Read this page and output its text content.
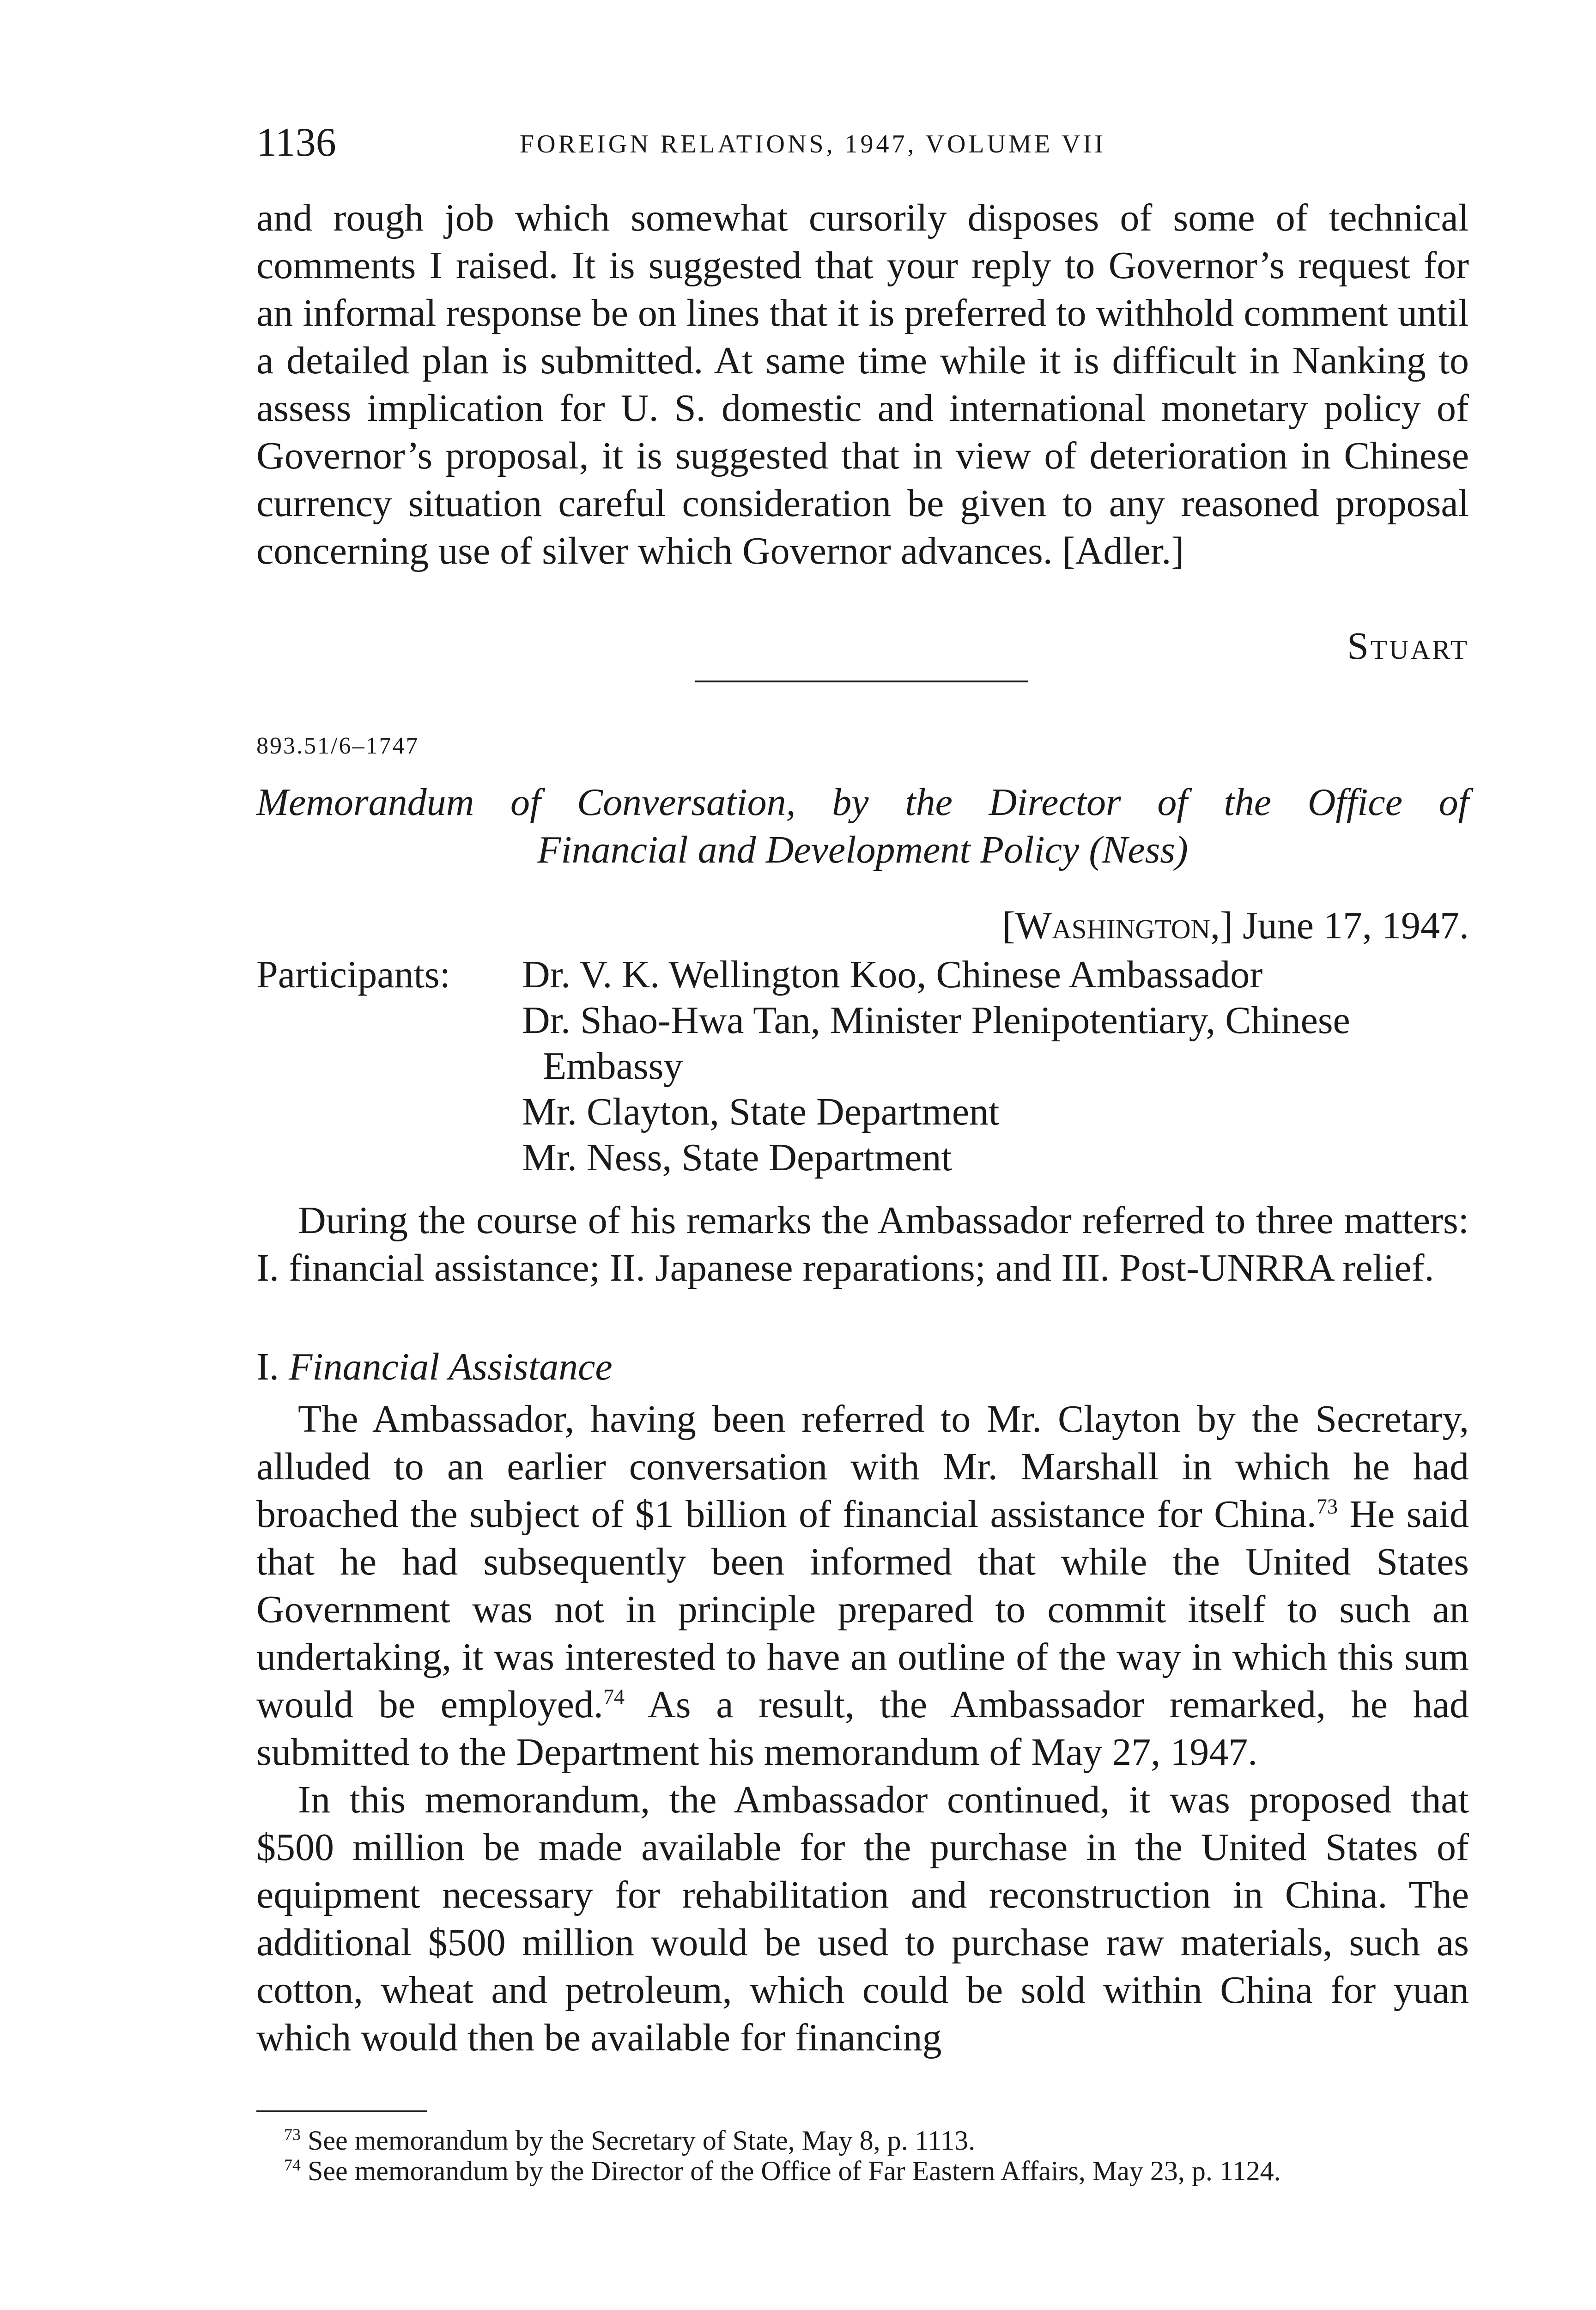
1136	FOREIGN RELATIONS, 1947, VOLUME VII

and rough job which somewhat cursorily disposes of some of technical comments I raised. It is suggested that your reply to Governor’s request for an informal response be on lines that it is preferred to withhold comment until a detailed plan is submitted. At same time while it is difficult in Nanking to assess implication for U. S. domestic and international monetary policy of Governor’s proposal, it is suggested that in view of deterioration in Chinese currency situation careful consideration be given to any reasoned proposal concerning use of silver which Governor advances. [Adler.]

Stuart
893.51/6–1747
Memorandum of Conversation, by the Director of the Office of
Financial and Development Policy (Ness)
[Washington,] June 17, 1947.
Participants: Dr. V. K. Wellington Koo, Chinese Ambassador
Dr. Shao-Hwa Tan, Minister Plenipotentiary, Chinese Embassy
Mr. Clayton, State Department
Mr. Ness, State Department

During the course of his remarks the Ambassador referred to three matters: I. financial assistance; II. Japanese reparations; and III. Post-UNRRA relief.

I. Financial Assistance

The Ambassador, having been referred to Mr. Clayton by the Secretary, alluded to an earlier conversation with Mr. Marshall in which he had broached the subject of $1 billion of financial assistance for China.$^{73}$ He said that he had subsequently been informed that while the United States Government was not in principle prepared to commit itself to such an undertaking, it was interested to have an outline of the way in which this sum would be employed.$^{74}$ As a result, the Ambassador remarked, he had submitted to the Department his memorandum of May 27, 1947.

In this memorandum, the Ambassador continued, it was proposed that $500 million be made available for the purchase in the United States of equipment necessary for rehabilitation and reconstruction in China. The additional $500 million would be used to purchase raw materials, such as cotton, wheat and petroleum, which could be sold within China for yuan which would then be available for financing

$^{73}$ See memorandum by the Secretary of State, May 8, p. 1113.

$^{74}$ See memorandum by the Director of the Office of Far Eastern Affairs, May 23, p. 1124.
